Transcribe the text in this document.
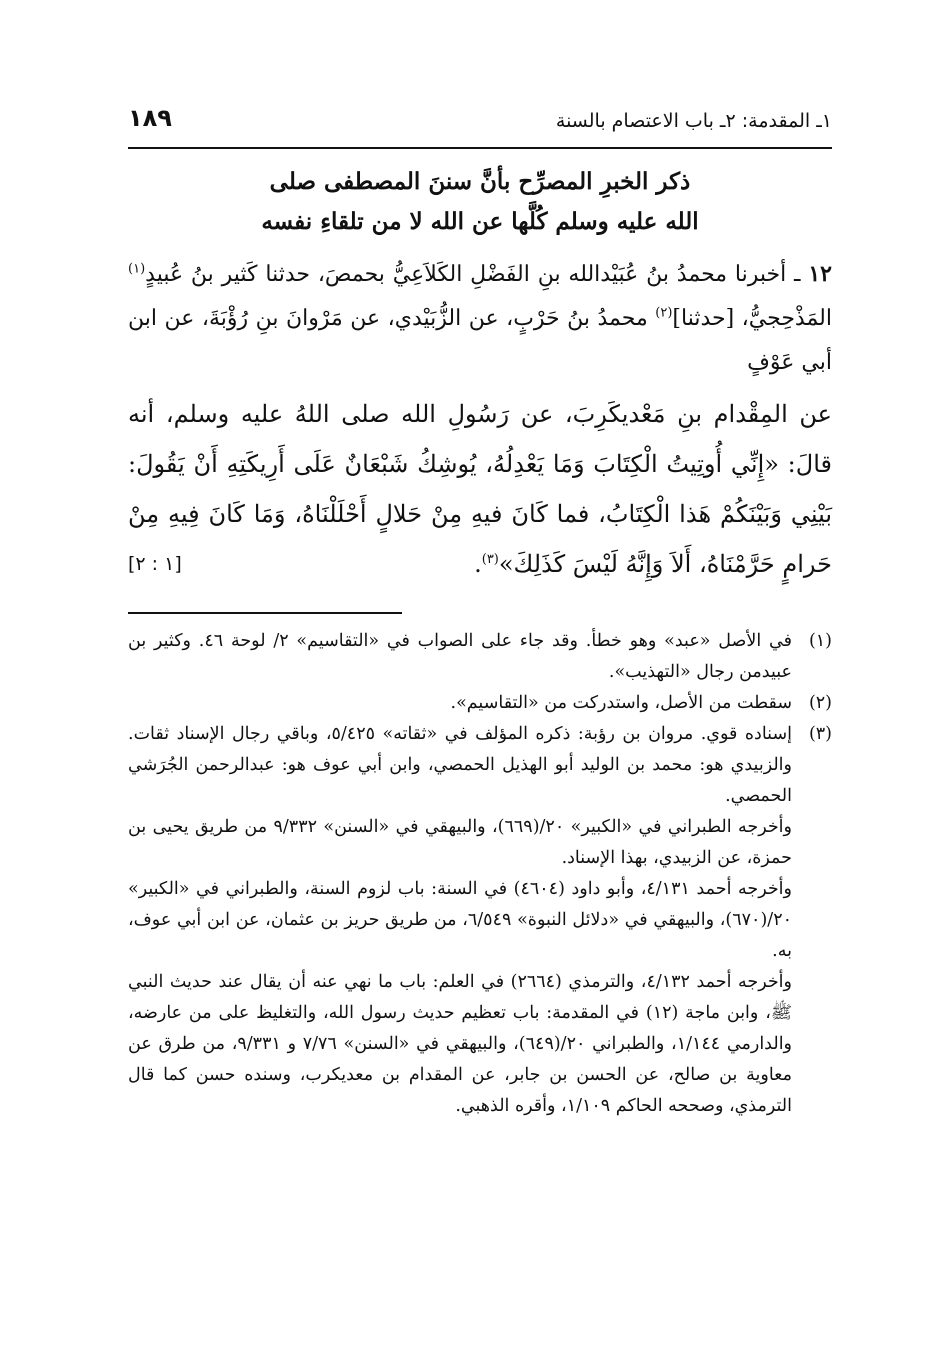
١ـ المقدمة: ٢ـ باب الاعتصام بالسنة
١٨٩
ذكر الخبرِ المصرِّح بأنَّ سننَ المصطفى صلى
الله عليه وسلم كُلَّها عن الله لا من تلقاءِ نفسه

١٢ ـ أخبرنا محمدُ بنُ عُبَيْدالله بنِ الفَضْلِ الكَلاَعِيُّ بحمصَ، حدثنا كَثير بنُ عُبيدٍ$^{(١)}$ المَذْحِجيُّ، [حدثنا]$^{(٢)}$ محمدُ بنُ حَرْبٍ، عن الزُّبَيْدي، عن مَرْوانَ بنِ رُؤْبَةَ، عن ابن أبي عَوْفٍ

عن المِقْدام بنِ مَعْديكَرِبَ، عن رَسُولِ الله صلى اللهُ عليه وسلم، أنه قالَ: «إِنِّي أُوتِيتُ الْكِتَابَ وَمَا يَعْدِلُهُ، يُوشِكُ شَبْعَانٌ عَلَى أَرِيكَتِهِ أَنْ يَقُولَ: بَيْنِي وَبَيْنَكُمْ هَذا الْكِتَابُ، فما كَانَ فيهِ مِنْ حَلالٍ أَحْلَلْنَاهُ، وَمَا كَانَ فِيهِ مِنْ حَرامٍ حَرَّمْنَاهُ، أَلاَ وَإِنَّهُ لَيْسَ كَذَلِكَ»$^{(٣)}$.
[١ : ٢]

(١)

في الأصل «عبد» وهو خطأ. وقد جاء على الصواب في «التقاسيم» ٢/ لوحة ٤٦. وكثير بن عبيدمن رجال «التهذيب».

(٢)

سقطت من الأصل، واستدركت من «التقاسيم».

(٣)

إسناده قوي. مروان بن رؤبة: ذكره المؤلف في «ثقاته» ٥/٤٢٥، وباقي رجال الإسناد ثقات. والزبيدي هو: محمد بن الوليد أبو الهذيل الحمصي، وابن أبي عوف هو: عبدالرحمن الجُرَشي الحمصي.

وأخرجه الطبراني في «الكبير» ٢٠/(٦٦٩)، والبيهقي في «السنن» ٩/٣٣٢ من طريق يحيى بن حمزة، عن الزبيدي، بهذا الإسناد.

وأخرجه أحمد ٤/١٣١، وأبو داود (٤٦٠٤) في السنة: باب لزوم السنة، والطبراني في «الكبير» ٢٠/(٦٧٠)، والبيهقي في «دلائل النبوة» ٦/٥٤٩، من طريق حريز بن عثمان، عن ابن أبي عوف، به.

وأخرجه أحمد ٤/١٣٢، والترمذي (٢٦٦٤) في العلم: باب ما نهي عنه أن يقال عند حديث النبي ﷺ، وابن ماجة (١٢) في المقدمة: باب تعظيم حديث رسول الله، والتغليظ على من عارضه، والدارمي ١/١٤٤، والطبراني ٢٠/(٦٤٩)، والبيهقي في «السنن» ٧/٧٦ و ٩/٣٣١، من طرق عن معاوية بن صالح، عن الحسن بن جابر، عن المقدام بن معديكرب، وسنده حسن كما قال الترمذي، وصححه الحاكم ١/١٠٩، وأقره الذهبي.
